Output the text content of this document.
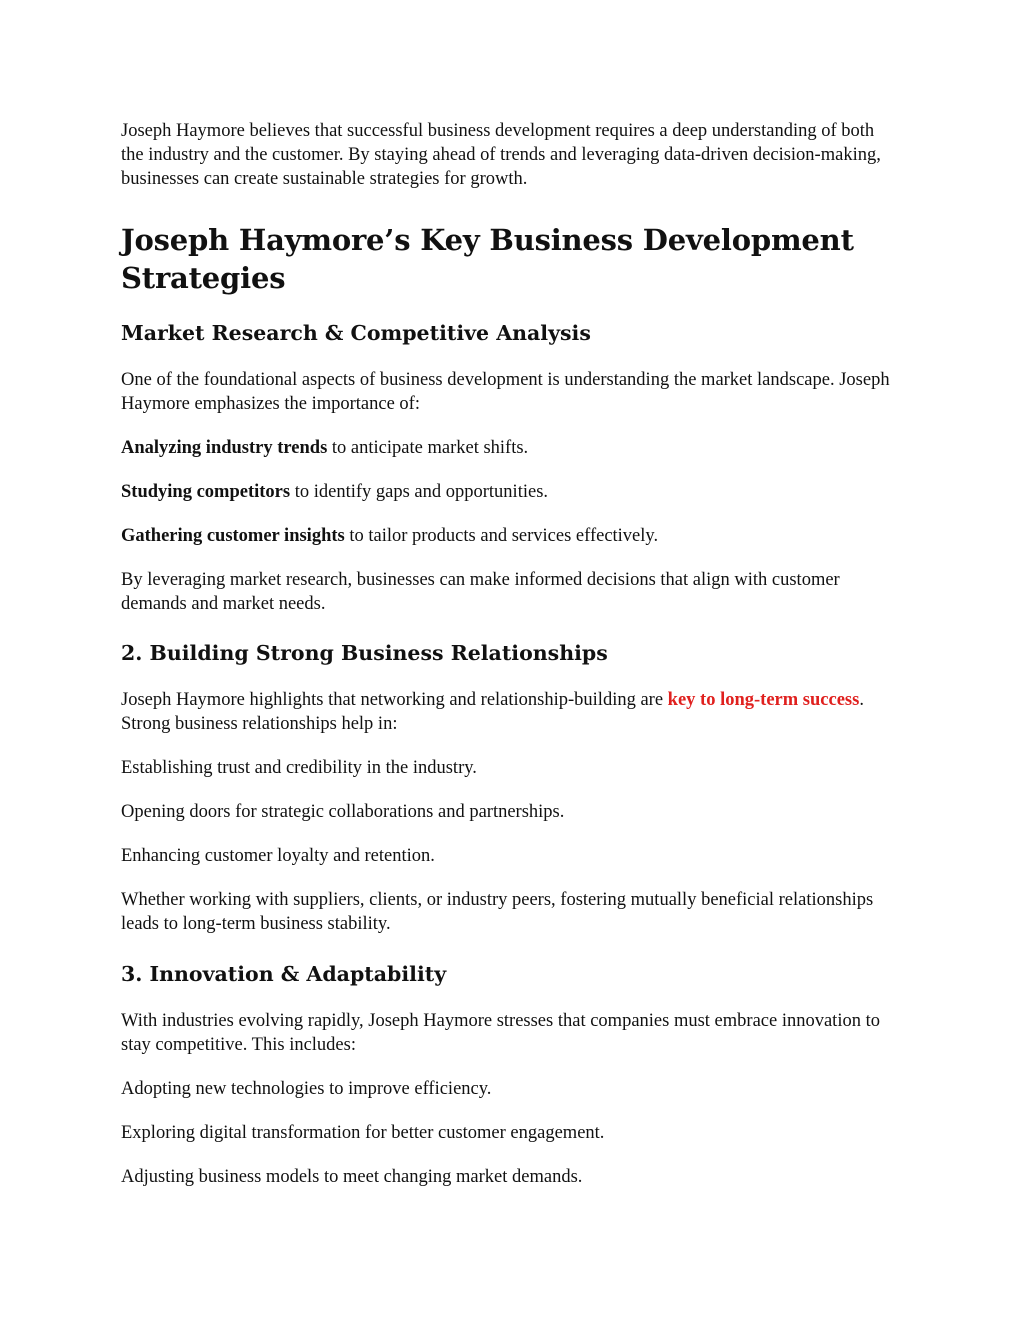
Joseph Haymore believes that successful business development requires a deep understanding of both the industry and the customer. By staying ahead of trends and leveraging data-driven decision-making, businesses can create sustainable strategies for growth.

Joseph Haymore’s Key Business Development Strategies
Market Research & Competitive Analysis

One of the foundational aspects of business development is understanding the market landscape. Joseph Haymore emphasizes the importance of:

Analyzing industry trends to anticipate market shifts.

Studying competitors to identify gaps and opportunities.

Gathering customer insights to tailor products and services effectively.

By leveraging market research, businesses can make informed decisions that align with customer demands and market needs.

2. Building Strong Business Relationships

Joseph Haymore highlights that networking and relationship-building are key to long-term success. Strong business relationships help in:

Establishing trust and credibility in the industry.

Opening doors for strategic collaborations and partnerships.

Enhancing customer loyalty and retention.

Whether working with suppliers, clients, or industry peers, fostering mutually beneficial relationships leads to long-term business stability.

3. Innovation & Adaptability

With industries evolving rapidly, Joseph Haymore stresses that companies must embrace innovation to stay competitive. This includes:

Adopting new technologies to improve efficiency.

Exploring digital transformation for better customer engagement.

Adjusting business models to meet changing market demands.
